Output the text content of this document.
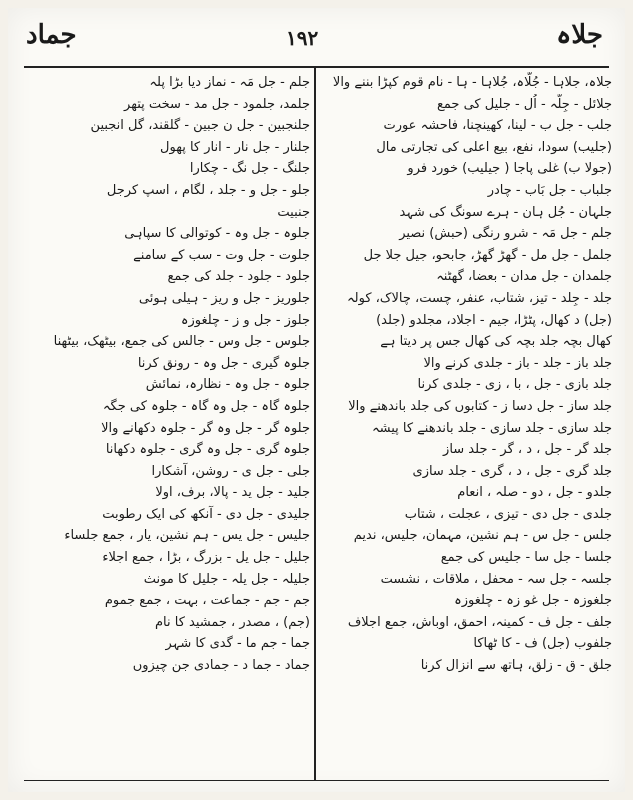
جماد	۱۹۲	جلاہ
جلاہ، جلاہا - جُلّاہ، جُلاہا - ہا - نام قوم کپڑا بننے والا
جلائل - جِلّہ - اُل - جلیل کی جمع
جلب - جل ب - لینا، کھینچنا، فاحشہ عورت
(جلیب) سودا، نفع، بیع اعلی کی تجارتی مال
(جولا ب) غلی پاجا ( جیلیب) خورد فرو
جلباب - جل بَاب - چادر
جلہان - جُل ہان - ہرے سونگ کی شہد
جلم - جل مَہ - شرو رنگی (حبش) نصیر
جلمل - جل مل - گھڑ گھڑ، جابحو، جیل جلا جل
جلمدان - جل مدان - بعضا، گھٹنہ
جلد - جِلد - تیز، شتاب، عنفر، چست، چالاک، کولہ
(جل) د کھال، پٹڑا، جیم - اجلاد، مجلدو (جلد)
کھال بچہ جلد بچہ کی کھال جس پر دیتا ہے
جلد باز - جلد - باز - جلدی کرنے والا
جلد بازی - جل ، با ، زی - جلدی کرنا
جلد ساز - جل دسا ز - کتابوں کی جلد باندھنے والا
جلد سازی - جلد سازی - جلد باندھنے کا پیشہ
جلد گر - جل ، د ، گر - جلد ساز
جلد گری - جل ، د ، گری - جلد سازی
جلدو - جل ، دو - صلہ ، انعام
جلدی - جل دی - تیزی ، عجلت ، شتاب
جلس - جل س - ہم نشین، مہمان، جلیس، ندیم
جلسا - جل سا - جلیس کی جمع
جلسہ - جل سہ - محفل ، ملاقات ، نشست
جلغوزہ - جل غو زہ - چلغوزہ
جلف - جل ف - کمینہ، احمق، اوباش، جمع اجلاف
جلفوب (جل) ف - کا ٹھاکا
جلق - ق - زلق، ہاتھ سے انزال کرنا
جلم - جل مَہ - نماز دیا بڑا پلہ
جلمد، جلمود - جل مد - سخت پتھر
جلنجبین - جل ن جبین - گلقند، گل انجبین
جلنار - جل نار - انار کا پھول
جلنگ - جل نگ - چکارا
جلو - جل و - جلد ، لگام ، اسپ کرجل
جنبیت
جلوہ - جل وہ - کوتوالی کا سپاہی
جلوت - جل وت - سب کے سامنے
جلود - جلود - جلد کی جمع
جلوریز - جل و ریز - ہیلی ہوئی
جلوز - جل و ز - چلغوزہ
جلوس - جل وس - جالس کی جمع، بیٹھک، بیٹھنا
جلوہ گیری - جل وہ - رونق کرنا
جلوہ - جل وہ - نظارہ، نمائش
جلوہ گاہ - جل وہ گاہ - جلوہ کی جگہ
جلوہ گر - جل وہ گر - جلوہ دکھانے والا
جلوہ گری - جل وہ گری - جلوہ دکھانا
جلی - جل ی - روشن، آشکارا
جلید - جل ید - پالا، برف، اولا
جلیدی - جل دی - آنکھ کی ایک رطوبت
جلیس - جل یس - ہم نشین، یار ، جمع جلساء
جلیل - جل یل - بزرگ ، بڑا ، جمع اجلاء
جلیلہ - جل یلہ - جلیل کا مونث
جم - جم - جماعت ، بہت ، جمع جموم
(جم) ، مصدر ، جمشید کا نام
جما - جم ما - گدی کا شہر
جماد - جما د - جمادی جن چیزوں
